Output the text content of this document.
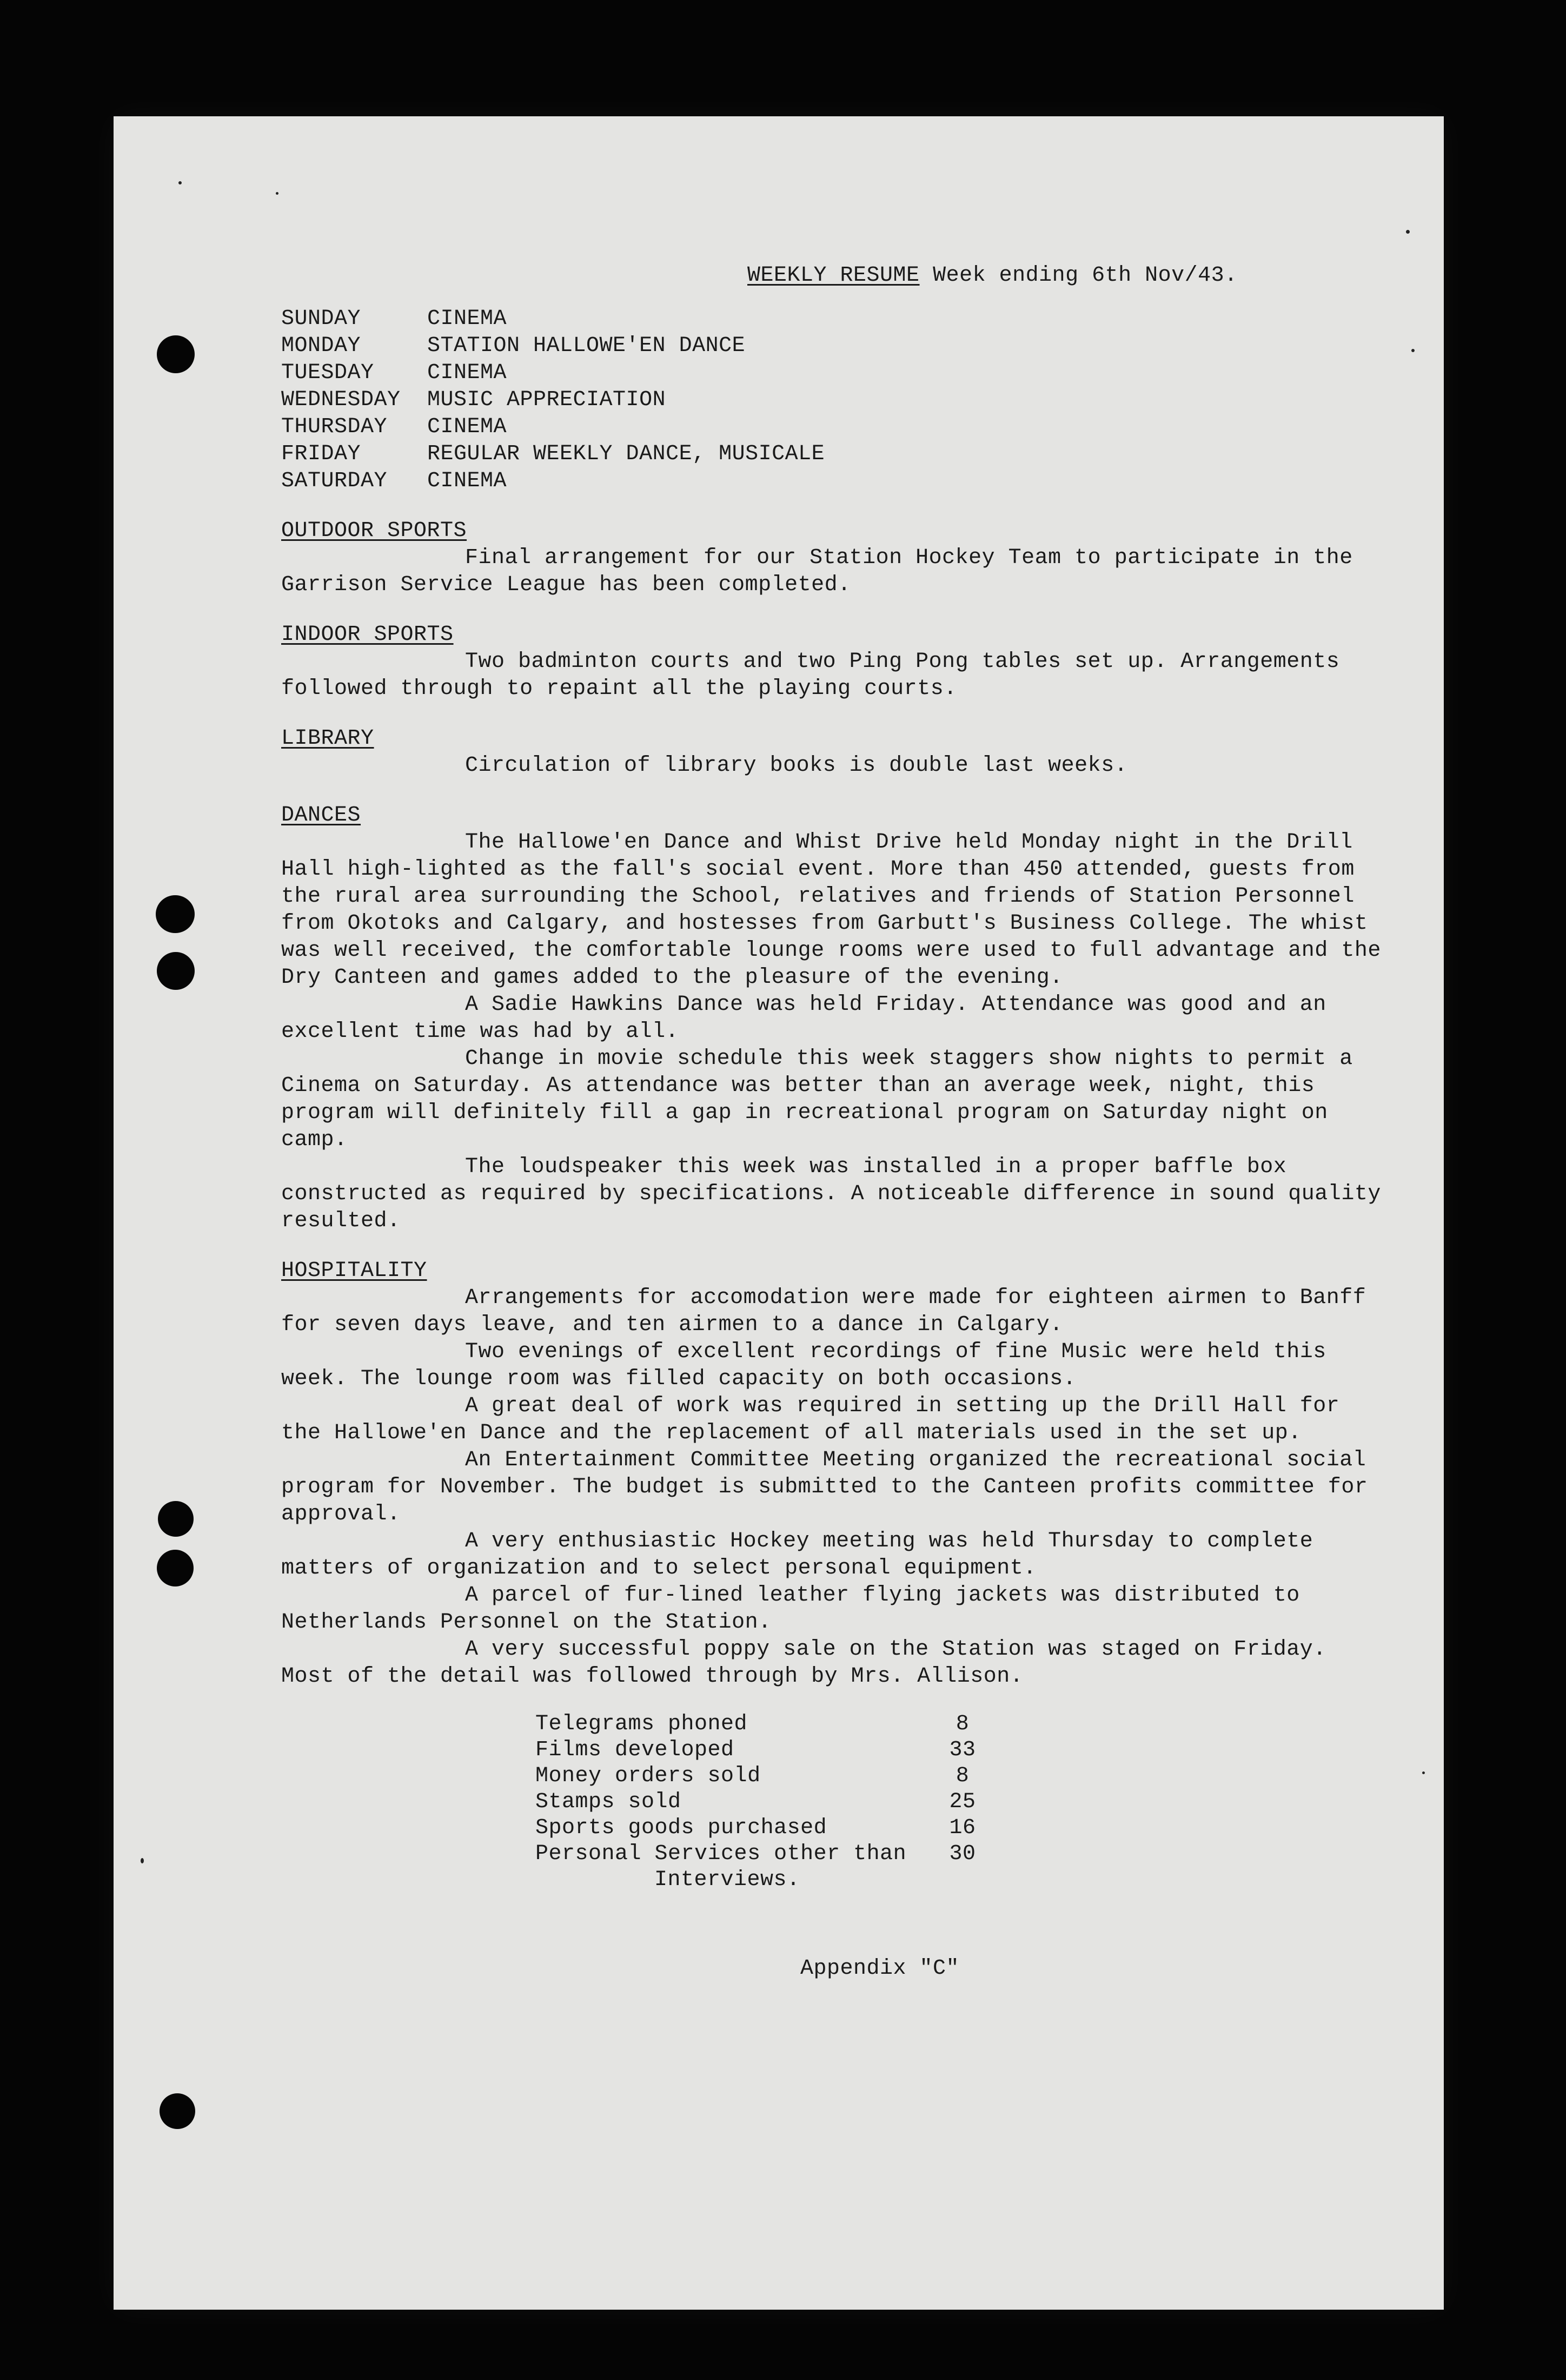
WEEKLY RESUME Week ending 6th Nov/43.
SUNDAY	CINEMA
MONDAY	STATION HALLOWE'EN DANCE
TUESDAY	CINEMA
WEDNESDAY	MUSIC APPRECIATION
THURSDAY	CINEMA
FRIDAY	REGULAR WEEKLY DANCE, MUSICALE
SATURDAY	CINEMA
OUTDOOR SPORTS
Final arrangement for our Station Hockey Team to participate in the Garrison Service League has been completed.
INDOOR SPORTS
Two badminton courts and two Ping Pong tables set up. Arrangements followed through to repaint all the playing courts.
LIBRARY
Circulation of library books is double last weeks.
DANCES
The Hallowe'en Dance and Whist Drive held Monday night in the Drill Hall high-lighted as the fall's social event. More than 450 attended, guests from the rural area surrounding the School, relatives and friends of Station Personnel from Okotoks and Calgary, and hostesses from Garbutt's Business College. The whist was well received, the comfortable lounge rooms were used to full advantage and the Dry Canteen and games added to the pleasure of the evening.
A Sadie Hawkins Dance was held Friday. Attendance was good and an excellent time was had by all.
Change in movie schedule this week staggers show nights to permit a Cinema on Saturday. As attendance was better than an average week, night, this program will definitely fill a gap in recreational program on Saturday night on camp.
The loudspeaker this week was installed in a proper baffle box constructed as required by specifications. A noticeable difference in sound quality resulted.
HOSPITALITY
Arrangements for accomodation were made for eighteen airmen to Banff for seven days leave, and ten airmen to a dance in Calgary.
Two evenings of excellent recordings of fine Music were held this week. The lounge room was filled capacity on both occasions.
A great deal of work was required in setting up the Drill Hall for the Hallowe'en Dance and the replacement of all materials used in the set up.
An Entertainment Committee Meeting organized the recreational social program for November. The budget is submitted to the Canteen profits committee for approval.
A very enthusiastic Hockey meeting was held Thursday to complete matters of organization and to select personal equipment.
A parcel of fur-lined leather flying jackets was distributed to Netherlands Personnel on the Station.
A very successful poppy sale on the Station was staged on Friday. Most of the detail was followed through by Mrs. Allison.
Telegrams phoned	8
Films developed	33
Money orders sold	8
Stamps sold	25
Sports goods purchased	16
Personal Services other than	30
Interviews.
Appendix "C"
